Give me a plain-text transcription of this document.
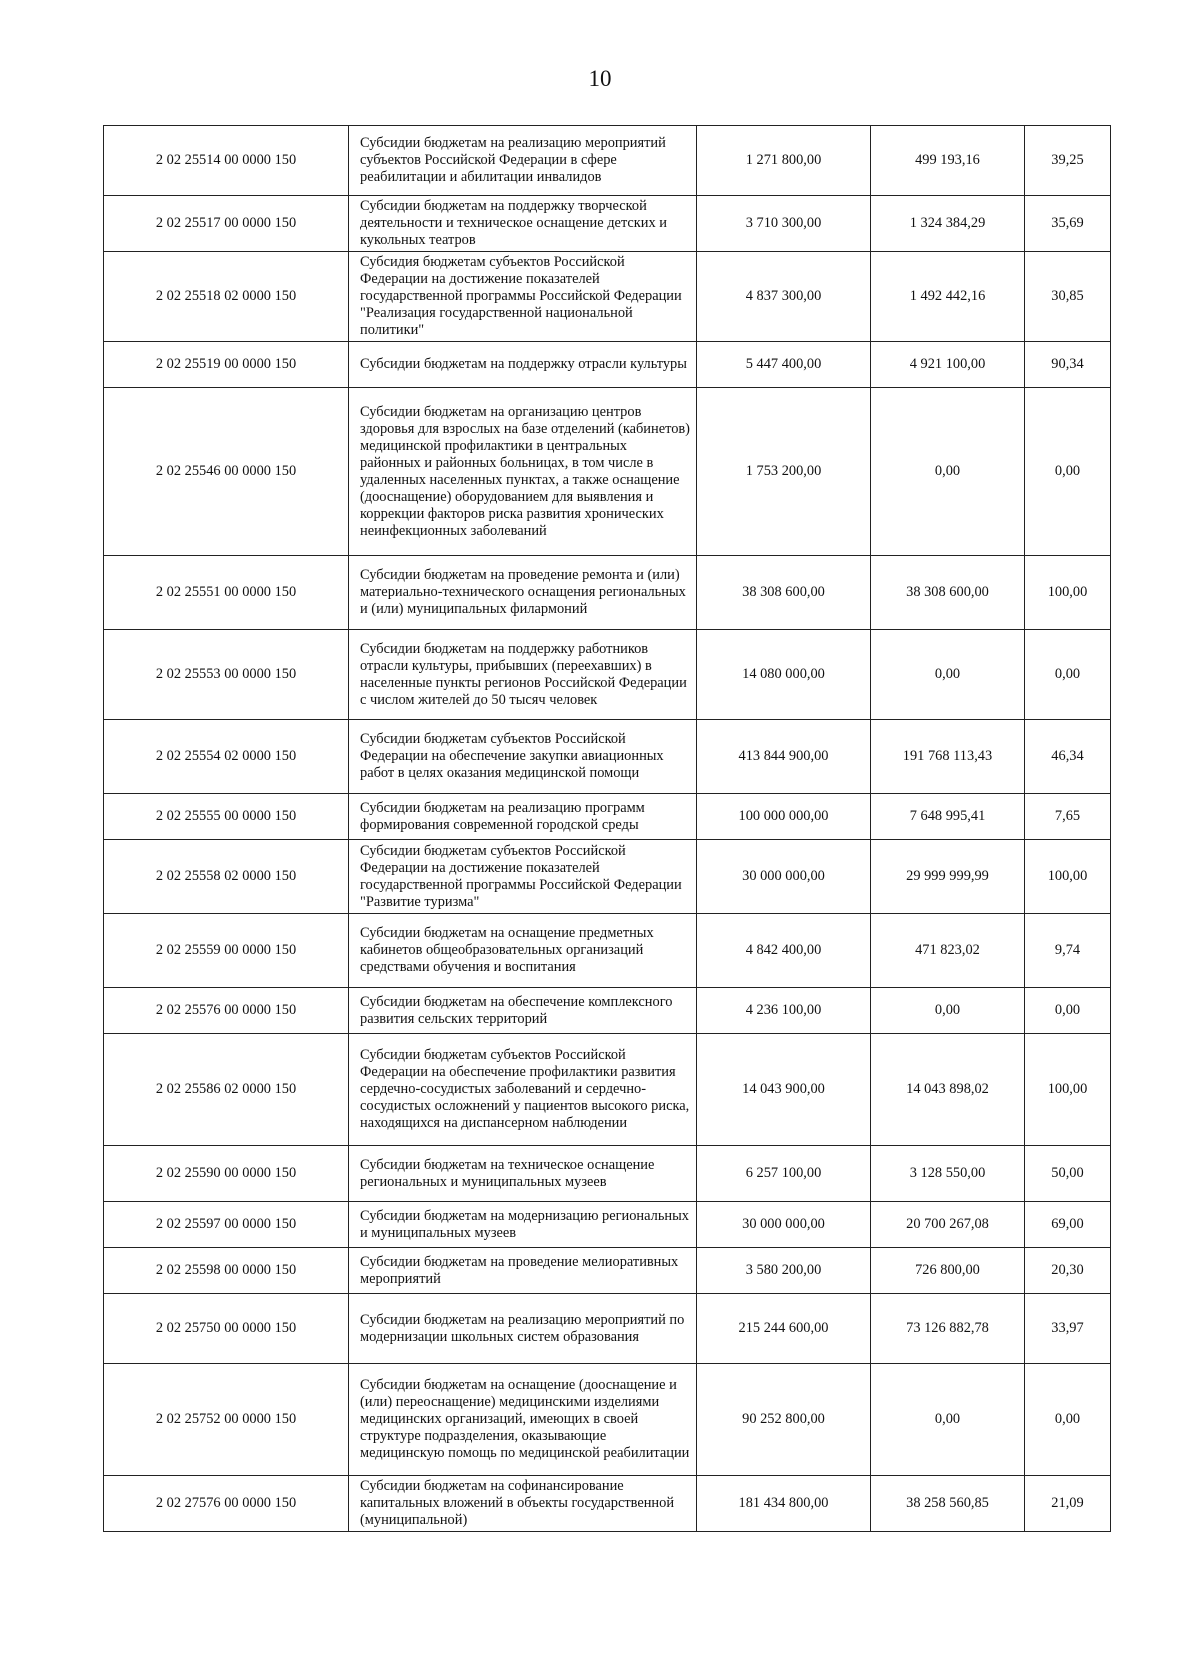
10
2 02 25514 00 0000 150	Субсидии бюджетам на реализацию мероприятий субъектов Российской Федерации в сфере реабилитации и абилитации инвалидов	1 271 800,00	499 193,16	39,25
2 02 25517 00 0000 150	Субсидии бюджетам на поддержку творческой деятельности и техническое оснащение детских и кукольных театров	3 710 300,00	1 324 384,29	35,69
2 02 25518 02 0000 150	Субсидия бюджетам субъектов Российской Федерации на достижение показателей государственной программы Российской Федерации "Реализация государственной национальной политики"	4 837 300,00	1 492 442,16	30,85
2 02 25519 00 0000 150	Субсидии бюджетам на поддержку отрасли культуры	5 447 400,00	4 921 100,00	90,34
2 02 25546 00 0000 150	Субсидии бюджетам на организацию центров здоровья для взрослых на базе отделений (кабинетов) медицинской профилактики в центральных районных и районных больницах, в том числе в удаленных населенных пунктах, а также оснащение (дооснащение) оборудованием для выявления и коррекции факторов риска развития хронических неинфекционных заболеваний	1 753 200,00	0,00	0,00
2 02 25551 00 0000 150	Субсидии бюджетам на проведение ремонта и (или) материально-технического оснащения региональных и (или) муниципальных филармоний	38 308 600,00	38 308 600,00	100,00
2 02 25553 00 0000 150	Субсидии бюджетам на поддержку работников отрасли культуры, прибывших (переехавших) в населенные пункты регионов Российской Федерации с числом жителей до 50 тысяч человек	14 080 000,00	0,00	0,00
2 02 25554 02 0000 150	Субсидии бюджетам субъектов Российской Федерации на обеспечение закупки авиационных работ в целях оказания медицинской помощи	413 844 900,00	191 768 113,43	46,34
2 02 25555 00 0000 150	Субсидии бюджетам на реализацию программ формирования современной городской среды	100 000 000,00	7 648 995,41	7,65
2 02 25558 02 0000 150	Субсидии бюджетам субъектов Российской Федерации на достижение показателей государственной программы Российской Федерации "Развитие туризма"	30 000 000,00	29 999 999,99	100,00
2 02 25559 00 0000 150	Субсидии бюджетам на оснащение предметных кабинетов общеобразовательных организаций средствами обучения и воспитания	4 842 400,00	471 823,02	9,74
2 02 25576 00 0000 150	Субсидии бюджетам на обеспечение комплексного развития сельских территорий	4 236 100,00	0,00	0,00
2 02 25586 02 0000 150	Субсидии бюджетам субъектов Российской Федерации на обеспечение профилактики развития сердечно-сосудистых заболеваний и сердечно-сосудистых осложнений у пациентов высокого риска, находящихся на диспансерном наблюдении	14 043 900,00	14 043 898,02	100,00
2 02 25590 00 0000 150	Субсидии бюджетам на техническое оснащение региональных и муниципальных музеев	6 257 100,00	3 128 550,00	50,00
2 02 25597 00 0000 150	Субсидии бюджетам на модернизацию региональных и муниципальных музеев	30 000 000,00	20 700 267,08	69,00
2 02 25598 00 0000 150	Субсидии бюджетам на проведение мелиоративных мероприятий	3 580 200,00	726 800,00	20,30
2 02 25750 00 0000 150	Субсидии бюджетам на реализацию мероприятий по модернизации школьных систем образования	215 244 600,00	73 126 882,78	33,97
2 02 25752 00 0000 150	Субсидии бюджетам на оснащение (дооснащение и (или) переоснащение) медицинскими изделиями медицинских организаций, имеющих в своей структуре подразделения, оказывающие медицинскую помощь по медицинской реабилитации	90 252 800,00	0,00	0,00
2 02 27576 00 0000 150	Субсидии бюджетам на софинансирование капитальных вложений в объекты государственной (муниципальной)	181 434 800,00	38 258 560,85	21,09
